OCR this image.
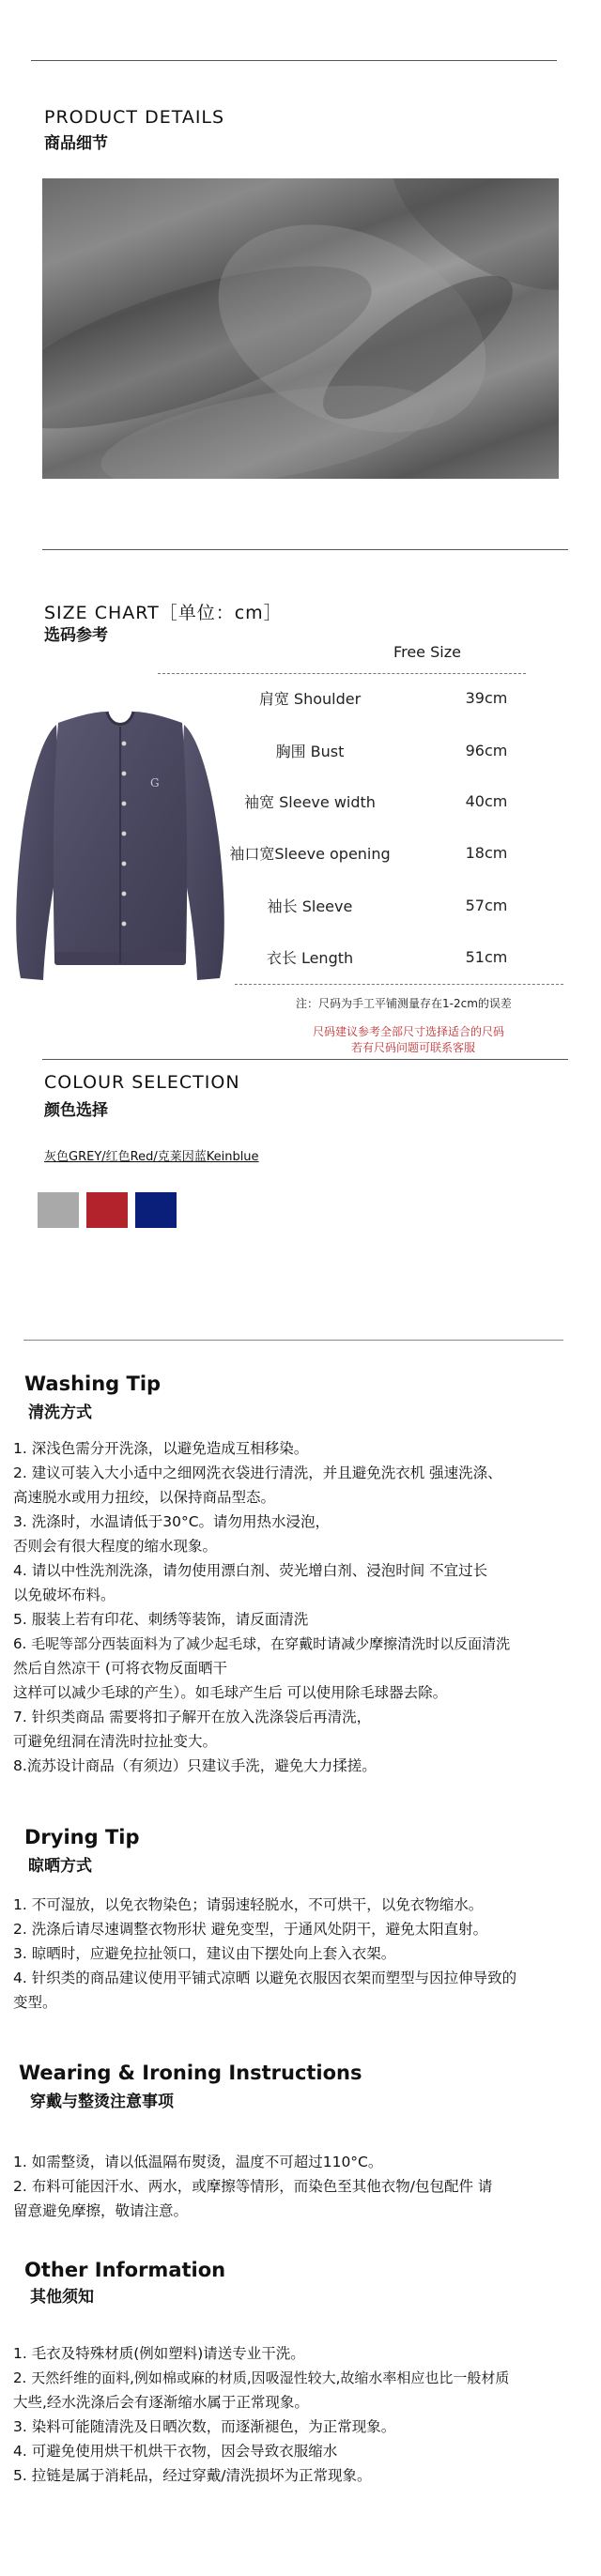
PRODUCT DETAILS
商品细节
SIZE CHART［单位：cm］
选码参考
Free Size
肩宽 Shoulder	39cm
胸围 Bust	96cm
袖宽 Sleeve width	40cm
袖口宽Sleeve opening	18cm
袖长 Sleeve	57cm
衣长 Length	51cm
注：尺码为手工平铺测量存在1-2cm的误差
尺码建议参考全部尺寸选择适合的尺码
若有尺码问题可联系客服
G
COLOUR SELECTION
颜色选择
灰色GREY/红色Red/克莱因蓝Keinblue
Washing Tip
清洗方式
1. 深浅色需分开洗涤，以避免造成互相移染。
2. 建议可装入大小适中之细网洗衣袋进行清洗，并且避免洗衣机 强速洗涤、
高速脱水或用力扭绞，以保持商品型态。
3. 洗涤时，水温请低于30°C。请勿用热水浸泡，
否则会有很大程度的缩水现象。
4. 请以中性洗剂洗涤，请勿使用漂白剂、荧光增白剂、浸泡时间 不宜过长
以免破坏布料。
5. 服装上若有印花、刺绣等装饰，请反面清洗
6. 毛呢等部分西装面料为了减少起毛球，在穿戴时请减少摩擦清洗时以反面清洗
然后自然凉干 (可将衣物反面晒干
这样可以减少毛球的产生）。如毛球产生后 可以使用除毛球器去除。
7. 针织类商品 需要将扣子解开在放入洗涤袋后再清洗，
可避免纽洞在清洗时拉扯变大。
8.流苏设计商品（有须边）只建议手洗，避免大力揉搓。
Drying Tip
晾晒方式
1. 不可湿放，以免衣物染色；请弱速轻脱水，不可烘干，以免衣物缩水。
2. 洗涤后请尽速调整衣物形状 避免变型，于通风处阴干，避免太阳直射。
3. 晾晒时，应避免拉扯领口，建议由下摆处向上套入衣架。
4. 针织类的商品建议使用平铺式凉晒 以避免衣服因衣架而塑型与因拉伸导致的
变型。
Wearing & Ironing Instructions
穿戴与整烫注意事项
1. 如需整烫，请以低温隔布熨烫，温度不可超过110°C。
2. 布料可能因汗水、两水，或摩擦等情形，而染色至其他衣物/包包配件 请
留意避免摩擦，敬请注意。
Other Information
其他须知
1. 毛衣及特殊材质(例如塑料)请送专业干洗。
2. 天然纤维的面料,例如棉或麻的材质,因吸湿性较大,故缩水率相应也比一般材质
大些,经水洗涤后会有逐渐缩水属于正常现象。
3. 染料可能随清洗及日晒次数，而逐渐褪色，为正常现象。
4. 可避免使用烘干机烘干衣物，因会导致衣服缩水
5. 拉链是属于消耗品，经过穿戴/清洗损坏为正常现象。
